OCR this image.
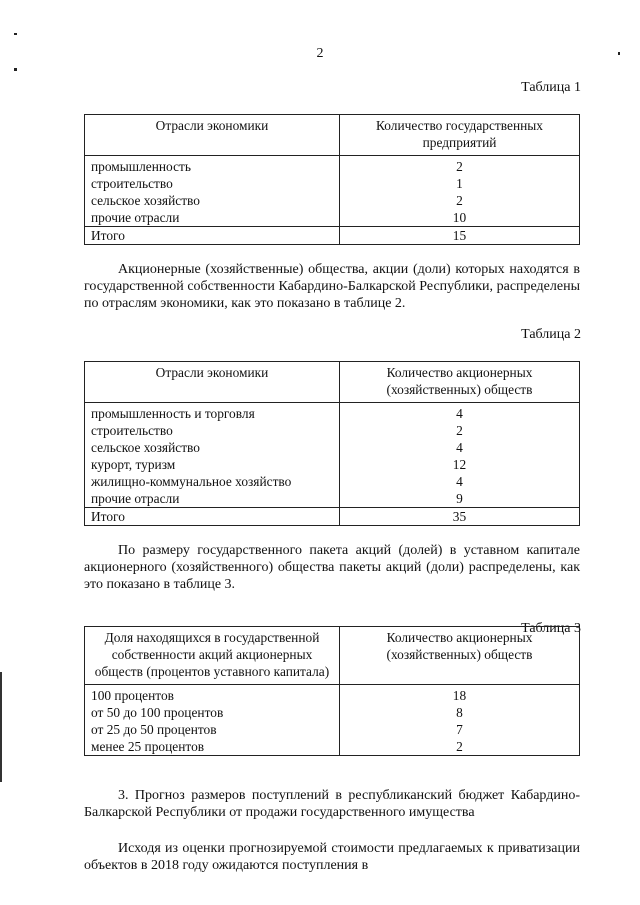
2
Таблица 1
Отрасли экономики	Количество государственных предприятий
промышленность	2
строительство	1
сельское хозяйство	2
прочие отрасли	10
Итого	15

Акционерные (хозяйственные) общества, акции (доли) которых находятся в государственной собственности Кабардино-Балкарской Республики, распределены по отраслям экономики, как это показано в таблице 2.

Таблица 2
Отрасли экономики	Количество акционерных (хозяйственных) обществ
промышленность и торговля	4
строительство	2
сельское хозяйство	4
курорт, туризм	12
жилищно-коммунальное хозяйство	4
прочие отрасли	9
Итого	35

По размеру государственного пакета акций (долей) в уставном капитале акционерного (хозяйственного) общества пакеты акций (доли) распределены, как это показано в таблице 3.

Таблица 3
Доля находящихся в государственной собственности акций акционерных обществ (процентов уставного капитала)	Количество акционерных (хозяйственных) обществ
100 процентов	18
от 50 до 100 процентов	8
от 25 до 50 процентов	7
менее 25 процентов	2

3. Прогноз размеров поступлений в республиканский бюджет Кабардино-Балкарской Республики от продажи государственного имущества

Исходя из оценки прогнозируемой стоимости предлагаемых к приватизации объектов в 2018 году ожидаются поступления в
